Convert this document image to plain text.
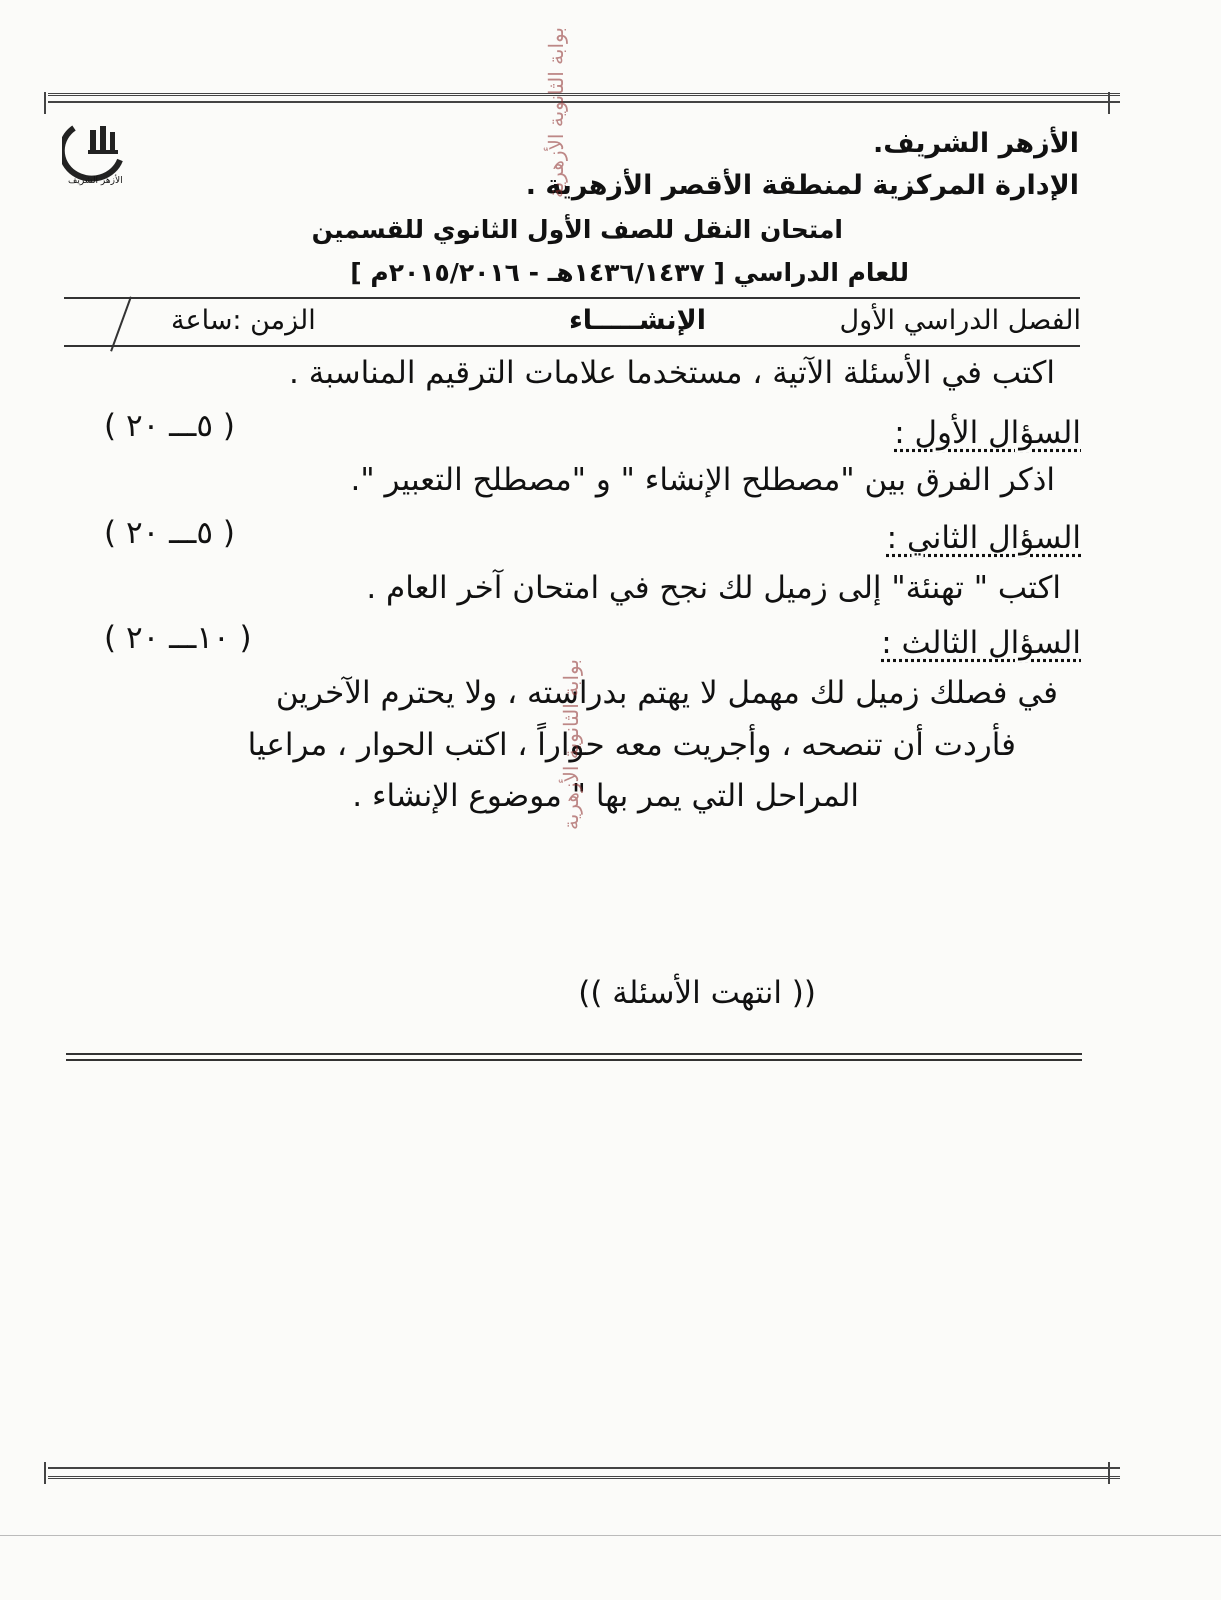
الأزهر الشريف
الأزهر الشريف.
الإدارة المركزية لمنطقة الأقصر الأزهرية .
امتحان النقل للصف الأول الثانوي للقسمين
للعام الدراسي [ ١٤٣٦/١٤٣٧هـ - ٢٠١٥/٢٠١٦م ]
الفصل الدراسي الأول
الإنشـــــاء
الزمن :ساعة
اكتب في الأسئلة الآتية ، مستخدما علامات الترقيم المناسبة .
السؤال الأول :
( ٥ـــ ٢٠ )
اذكر الفرق بين "مصطلح الإنشاء " و "مصطلح التعبير ".
السؤال الثاني :
( ٥ـــ ٢٠ )
اكتب " تهنئة" إلى زميل لك نجح في امتحان آخر العام .
السؤال الثالث :
( ١٠ـــ ٢٠ )
في فصلك زميل لك مهمل لا يهتم بدراسته ، ولا يحترم الآخرين
فأردت أن تنصحه ، وأجريت معه حواراً ، اكتب الحوار ، مراعيا
المراحل التي يمر بها " موضوع الإنشاء .
(( انتهت الأسئلة ))
بوابة الثانوية الأزهرية
بوابة الثانوية الأزهرية
